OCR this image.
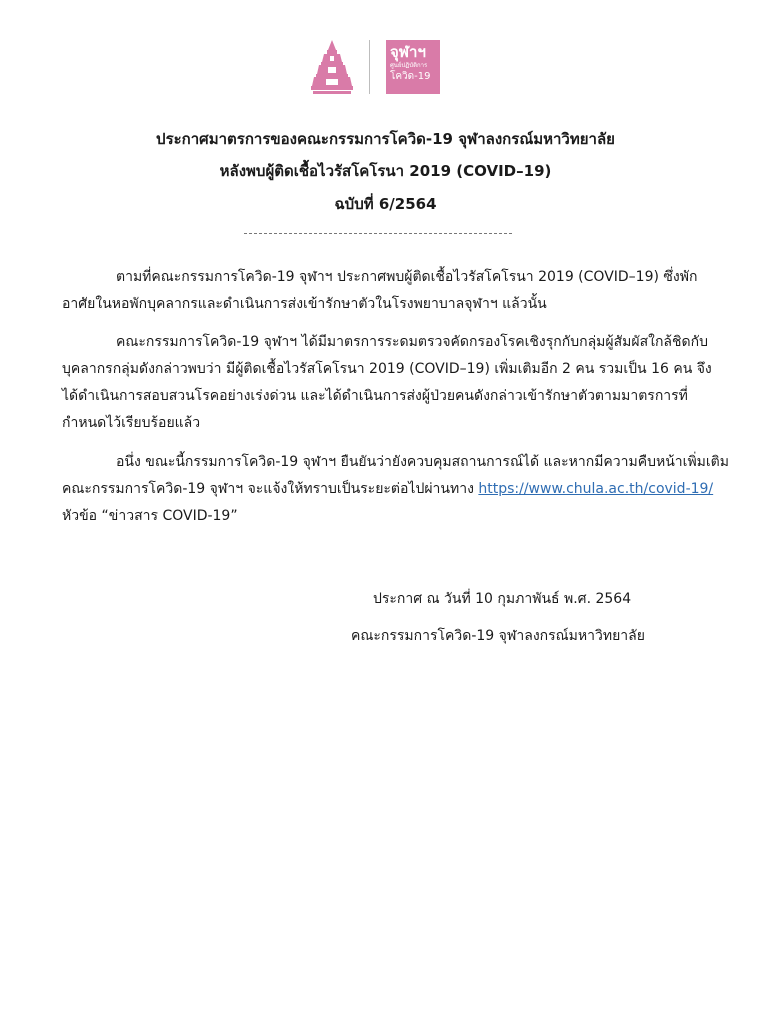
จุฬาฯ
ศูนย์ปฏิบัติการ
โควิด-19
ประกาศมาตรการของคณะกรรมการโควิด-19 จุฬาลงกรณ์มหาวิทยาลัย
หลังพบผู้ติดเชื้อไวรัสโคโรนา 2019 (COVID–19)
ฉบับที่ 6/2564
ตามที่คณะกรรมการโควิด-19 จุฬาฯ ประกาศพบผู้ติดเชื้อไวรัสโคโรนา 2019 (COVID–19) ซึ่งพัก
อาศัยในหอพักบุคลากรและดำเนินการส่งเข้ารักษาตัวในโรงพยาบาลจุฬาฯ แล้วนั้น
คณะกรรมการโควิด-19 จุฬาฯ ได้มีมาตรการระดมตรวจคัดกรองโรคเชิงรุกกับกลุ่มผู้สัมผัสใกล้ชิดกับ
บุคลากรกลุ่มดังกล่าวพบว่า มีผู้ติดเชื้อไวรัสโคโรนา 2019 (COVID–19) เพิ่มเติมอีก 2 คน รวมเป็น 16 คน จึง
ได้ดำเนินการสอบสวนโรคอย่างเร่งด่วน และได้ดำเนินการส่งผู้ป่วยคนดังกล่าวเข้ารักษาตัวตามมาตรการที่
กำหนดไว้เรียบร้อยแล้ว
อนึ่ง ขณะนี้กรรมการโควิด-19 จุฬาฯ ยืนยันว่ายังควบคุมสถานการณ์ได้ และหากมีความคืบหน้าเพิ่มเติม
คณะกรรมการโควิด-19 จุฬาฯ จะแจ้งให้ทราบเป็นระยะต่อไปผ่านทาง https://www.chula.ac.th/covid-19/
หัวข้อ “ข่าวสาร COVID-19”
ประกาศ ณ วันที่ 10 กุมภาพันธ์ พ.ศ. 2564
คณะกรรมการโควิด-19 จุฬาลงกรณ์มหาวิทยาลัย
